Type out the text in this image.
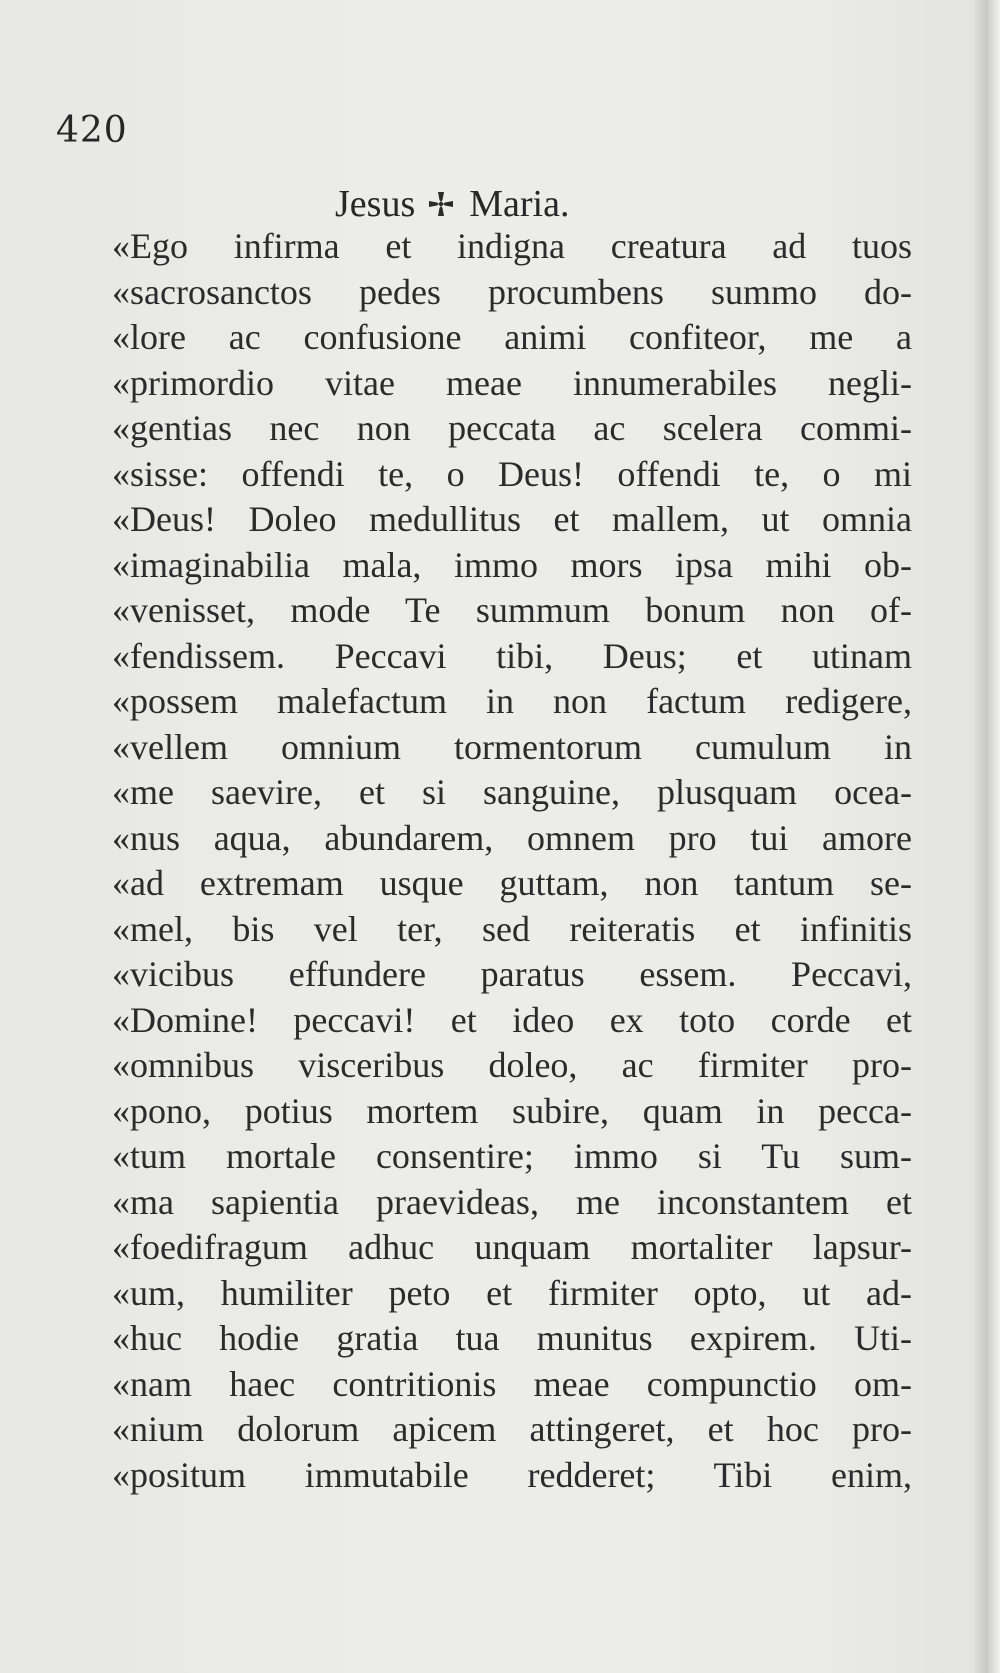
420
Jesus Maria.
«Ego infirma et indigna creatura ad tuos
«sacrosanctos pedes procumbens summo do-
«lore ac confusione animi confiteor, me a
«primordio vitae meae innumerabiles negli-
«gentias nec non peccata ac scelera commi-
«sisse: offendi te, o Deus! offendi te, o mi
«Deus! Doleo medullitus et mallem, ut omnia
«imaginabilia mala, immo mors ipsa mihi ob-
«venisset, mode Te summum bonum non of-
«fendissem. Peccavi tibi, Deus; et utinam
«possem malefactum in non factum redigere,
«vellem omnium tormentorum cumulum in
«me saevire, et si sanguine, plusquam ocea-
«nus aqua, abundarem, omnem pro tui amore
«ad extremam usque guttam, non tantum se-
«mel, bis vel ter, sed reiteratis et infinitis
«vicibus effundere paratus essem. Peccavi,
«Domine! peccavi! et ideo ex toto corde et
«omnibus visceribus doleo, ac firmiter pro-
«pono, potius mortem subire, quam in pecca-
«tum mortale consentire; immo si Tu sum-
«ma sapientia praevideas, me inconstantem et
«foedifragum adhuc unquam mortaliter lapsur-
«um, humiliter peto et firmiter opto, ut ad-
«huc hodie gratia tua munitus expirem. Uti-
«nam haec contritionis meae compunctio om-
«nium dolorum apicem attingeret, et hoc pro-
«positum immutabile redderet; Tibi enim,
